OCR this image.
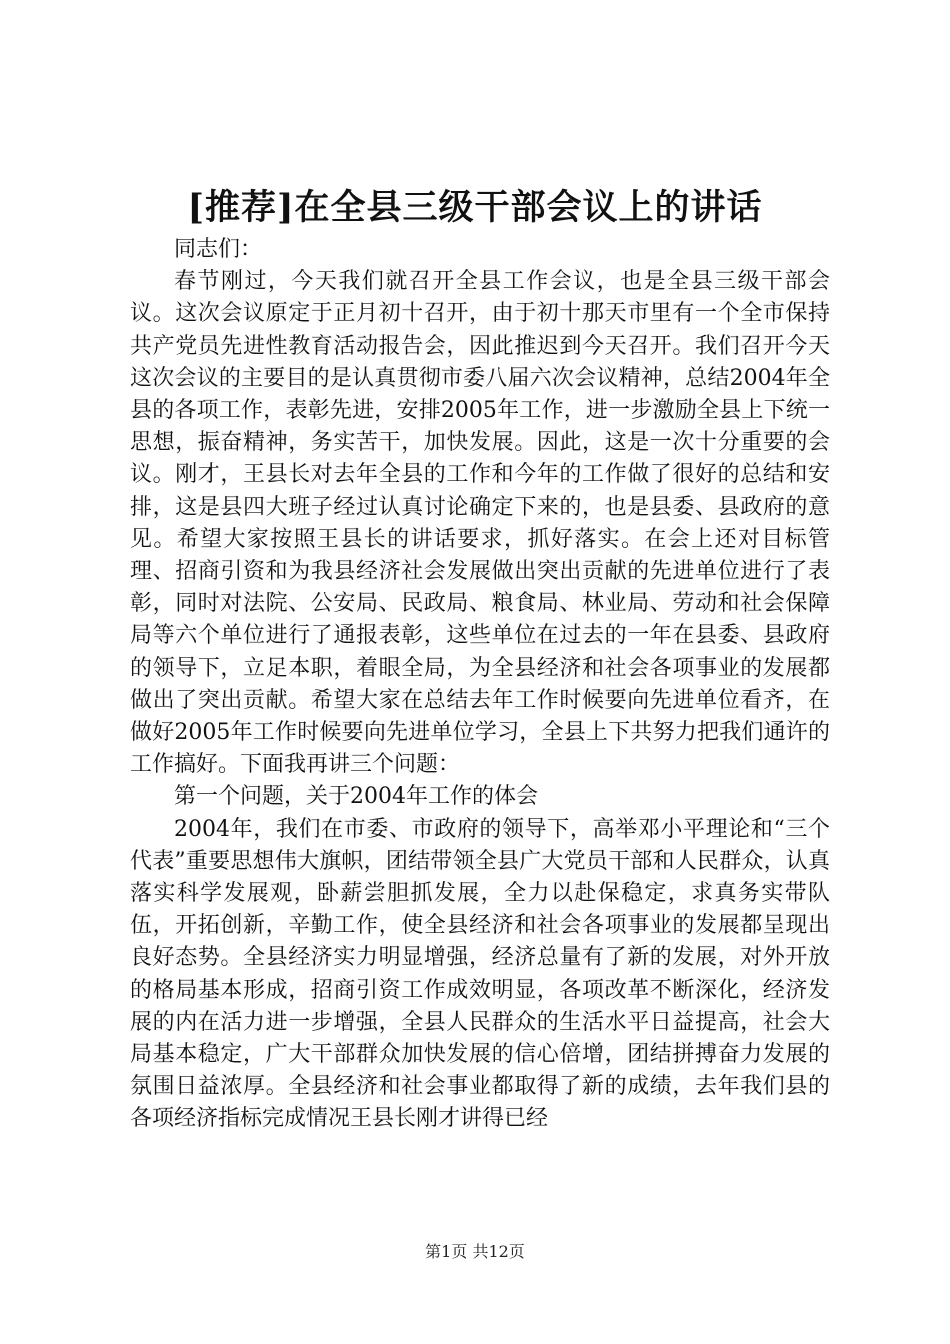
[推荐]在全县三级干部会议上的讲话

同志们：

春节刚过，今天我们就召开全县工作会议，也是全县三级干部会议。这次会议原定于正月初十召开，由于初十那天市里有一个全市保持共产党员先进性教育活动报告会，因此推迟到今天召开。我们召开今天这次会议的主要目的是认真贯彻市委八届六次会议精神，总结2004年全县的各项工作，表彰先进，安排2005年工作，进一步激励全县上下统一思想，振奋精神，务实苦干，加快发展。因此，这是一次十分重要的会议。刚才，王县长对去年全县的工作和今年的工作做了很好的总结和安排，这是县四大班子经过认真讨论确定下来的，也是县委、县政府的意见。希望大家按照王县长的讲话要求，抓好落实。在会上还对目标管理、招商引资和为我县经济社会发展做出突出贡献的先进单位进行了表彰，同时对法院、公安局、民政局、粮食局、林业局、劳动和社会保障局等六个单位进行了通报表彰，这些单位在过去的一年在县委、县政府的领导下，立足本职，着眼全局，为全县经济和社会各项事业的发展都做出了突出贡献。希望大家在总结去年工作时候要向先进单位看齐，在做好2005年工作时候要向先进单位学习，全县上下共努力把我们通许的工作搞好。下面我再讲三个问题：

第一个问题，关于2004年工作的体会

2004年，我们在市委、市政府的领导下，高举邓小平理论和“三个代表”重要思想伟大旗帜，团结带领全县广大党员干部和人民群众，认真落实科学发展观，卧薪尝胆抓发展，全力以赴保稳定，求真务实带队伍，开拓创新，辛勤工作，使全县经济和社会各项事业的发展都呈现出良好态势。全县经济实力明显增强，经济总量有了新的发展，对外开放的格局基本形成，招商引资工作成效明显，各项改革不断深化，经济发展的内在活力进一步增强，全县人民群众的生活水平日益提高，社会大局基本稳定，广大干部群众加快发展的信心倍增，团结拼搏奋力发展的氛围日益浓厚。全县经济和社会事业都取得了新的成绩，去年我们县的各项经济指标完成情况王县长刚才讲得已经

第1页 共12页
